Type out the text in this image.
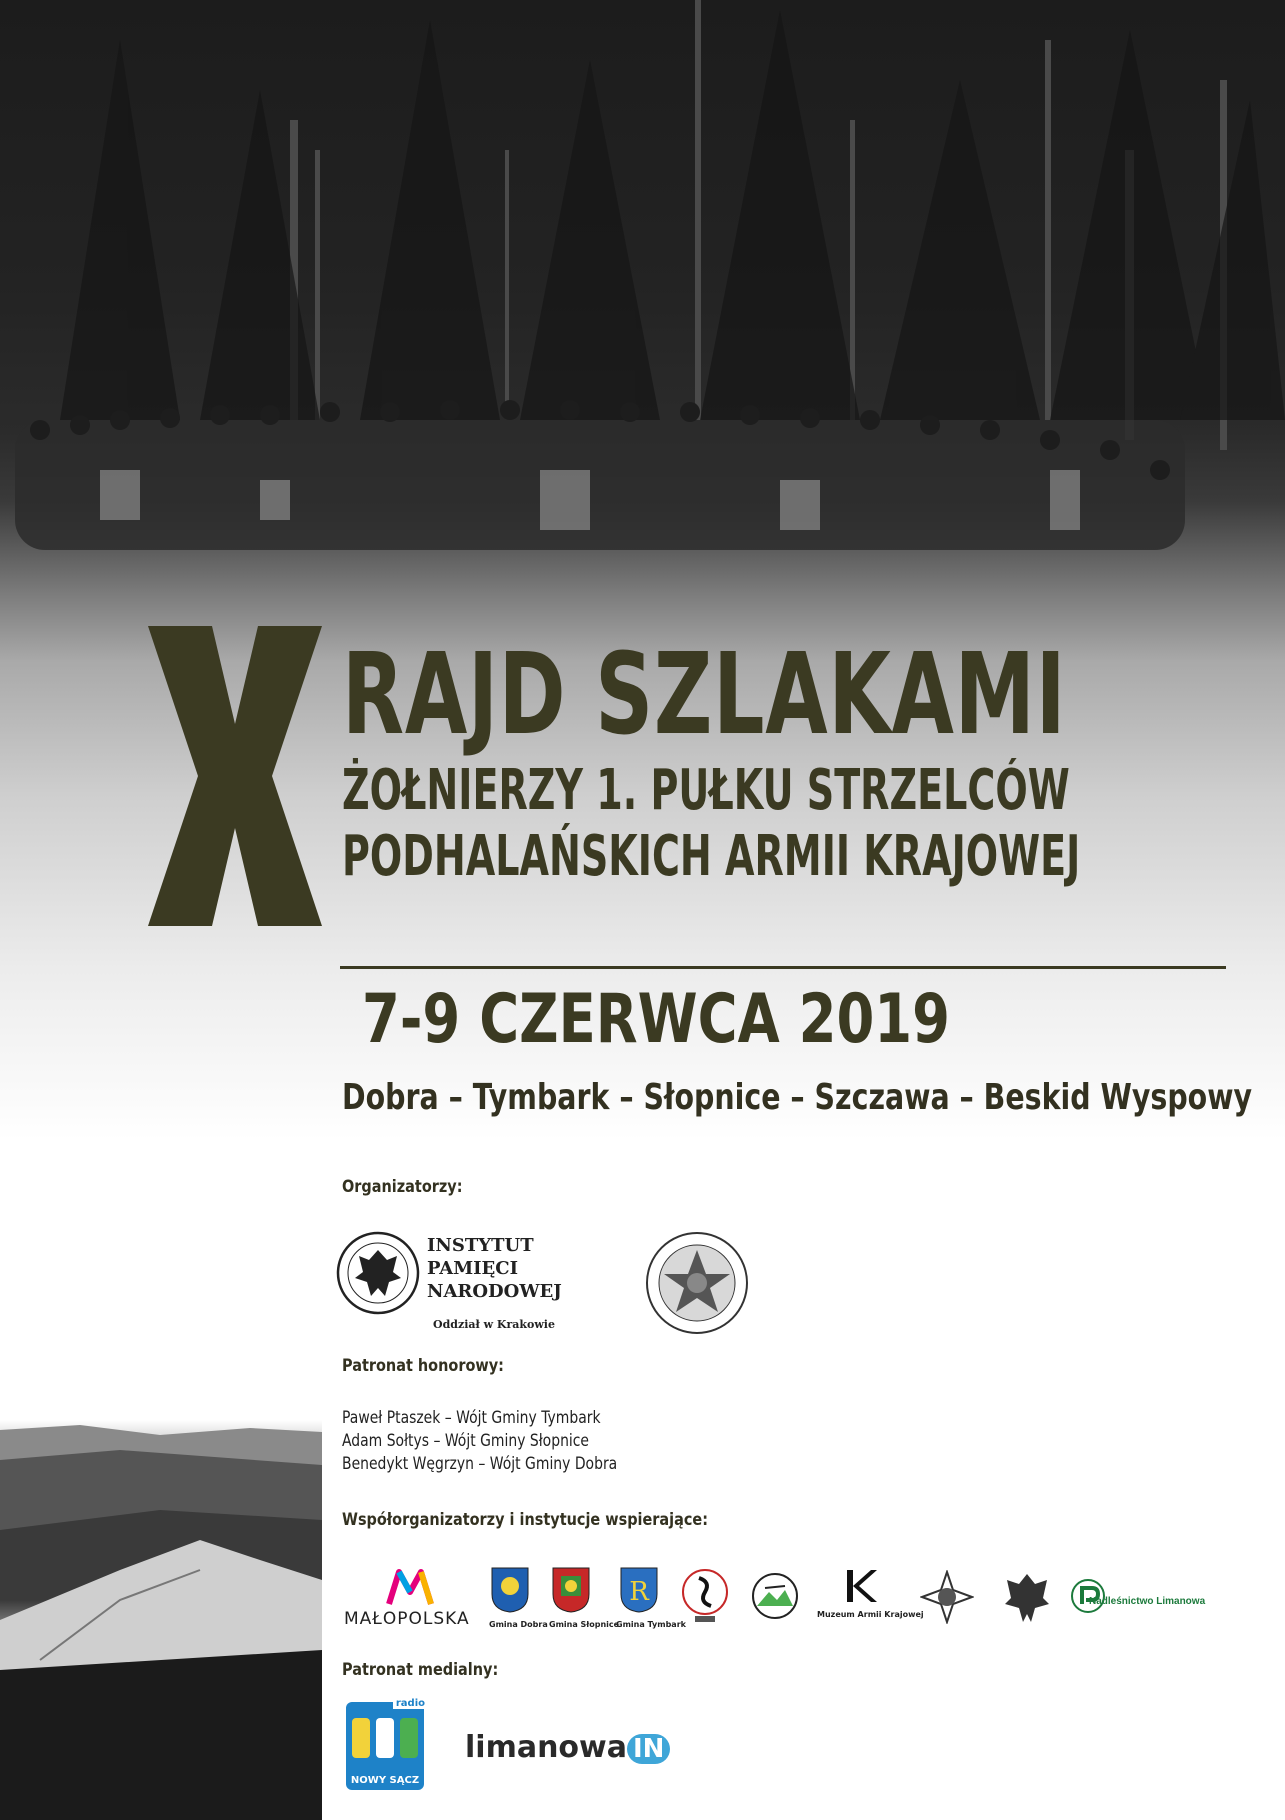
RAJD SZLAKAMI
ŻOŁNIERZY 1. PUŁKU STRZELCÓW
PODHALAŃSKICH ARMII KRAJOWEJ
7-9 CZERWCA 2019
Dobra – Tymbark – Słopnice – Szczawa – Beskid Wyspowy
Organizatorzy:
INSTYTUT
PAMIĘCI
NARODOWEJ
Oddział w Krakowie
Patronat honorowy:
Paweł Ptaszek – Wójt Gminy Tymbark
Adam Sołtys – Wójt Gminy Słopnice
Benedykt Węgrzyn – Wójt Gminy Dobra
Współorganizatorzy i instytucje wspierające:
MAŁOPOLSKA Gmina Dobra Gmina Słopnice
R
Gmina Tymbark
Muzeum Armii Krajowej
Nadleśnictwo Limanowa
Patronat medialny:
radio
NOWY SĄCZ
limanowa IN
